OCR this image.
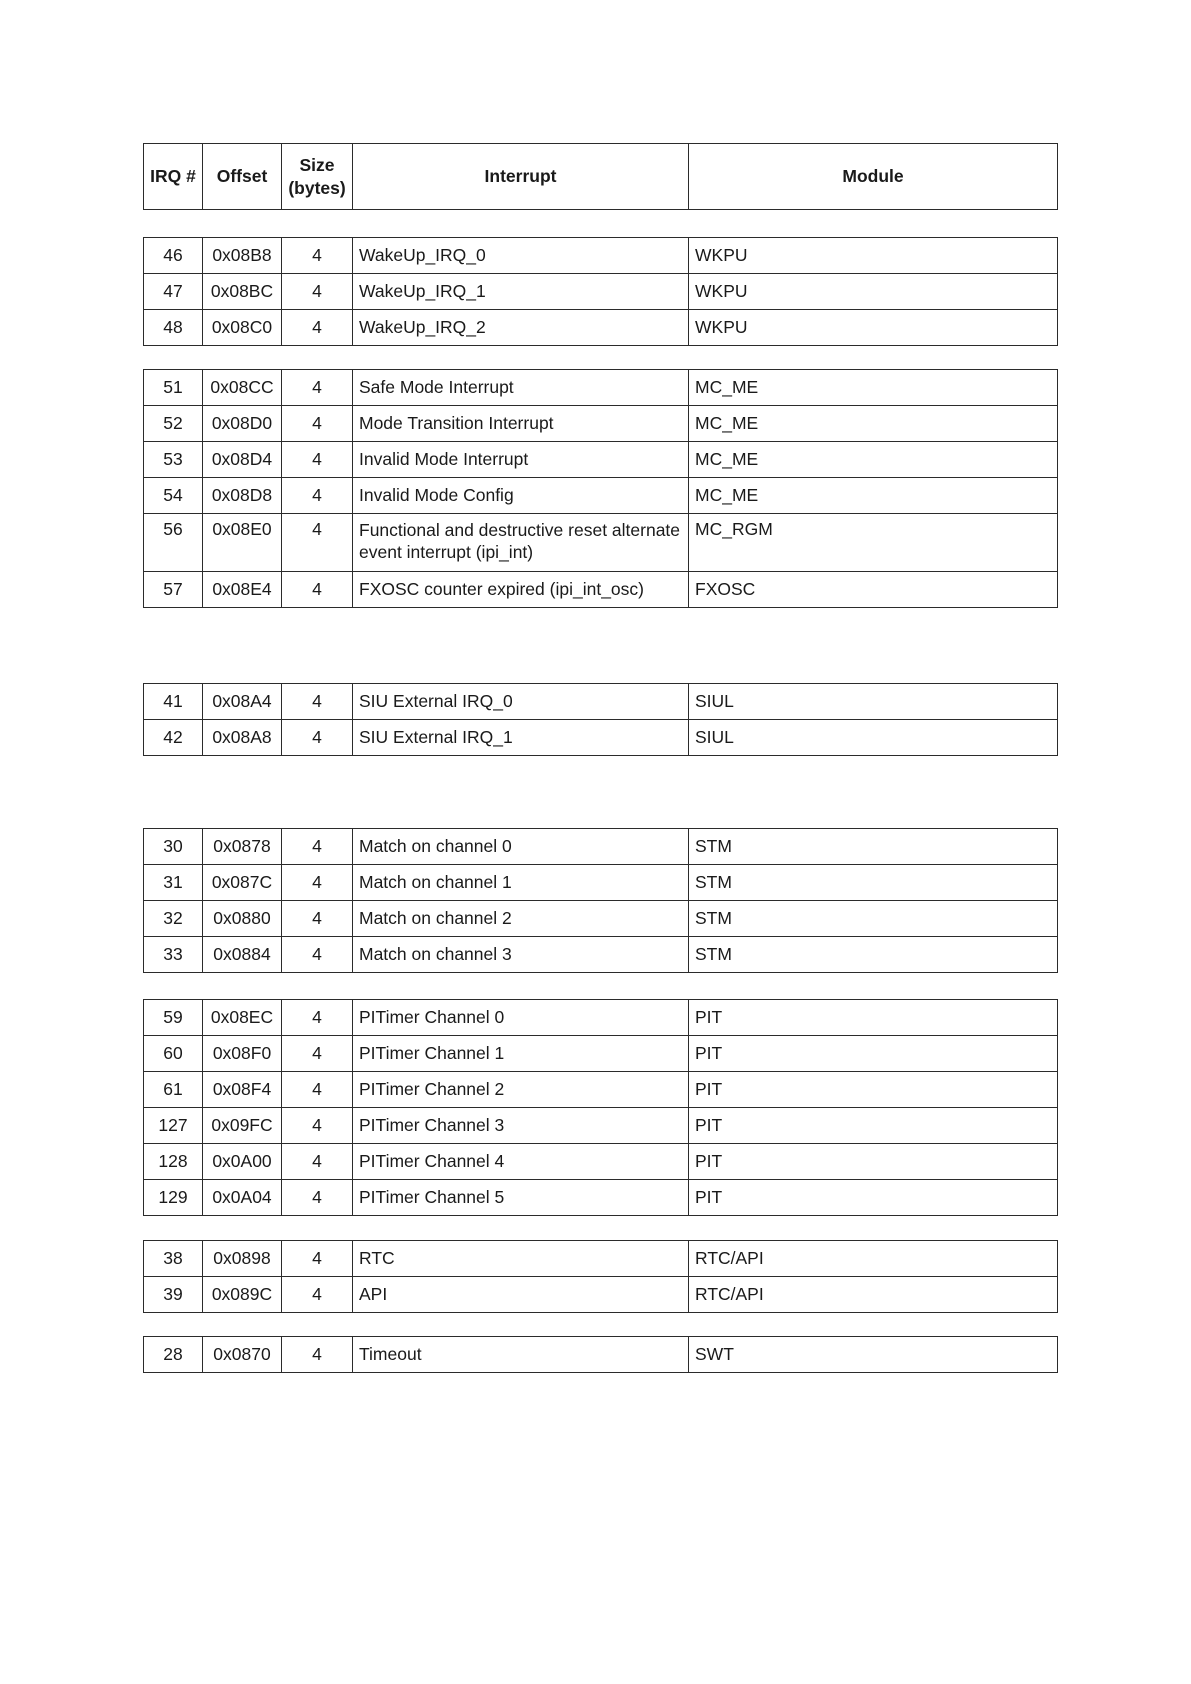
IRQ #	Offset	Size (bytes)	Interrupt	Module
46	0x08B8	4	WakeUp_IRQ_0	WKPU
47	0x08BC	4	WakeUp_IRQ_1	WKPU
48	0x08C0	4	WakeUp_IRQ_2	WKPU
51	0x08CC	4	Safe Mode Interrupt	MC_ME
52	0x08D0	4	Mode Transition Interrupt	MC_ME
53	0x08D4	4	Invalid Mode Interrupt	MC_ME
54	0x08D8	4	Invalid Mode Config	MC_ME
56	0x08E0	4	Functional and destructive reset alternate event interrupt (ipi_int)	MC_RGM
57	0x08E4	4	FXOSC counter expired (ipi_int_osc)	FXOSC
41	0x08A4	4	SIU External IRQ_0	SIUL
42	0x08A8	4	SIU External IRQ_1	SIUL
30	0x0878	4	Match on channel 0	STM
31	0x087C	4	Match on channel 1	STM
32	0x0880	4	Match on channel 2	STM
33	0x0884	4	Match on channel 3	STM
59	0x08EC	4	PITimer Channel 0	PIT
60	0x08F0	4	PITimer Channel 1	PIT
61	0x08F4	4	PITimer Channel 2	PIT
127	0x09FC	4	PITimer Channel 3	PIT
128	0x0A00	4	PITimer Channel 4	PIT
129	0x0A04	4	PITimer Channel 5	PIT
38	0x0898	4	RTC	RTC/API
39	0x089C	4	API	RTC/API
28	0x0870	4	Timeout	SWT
